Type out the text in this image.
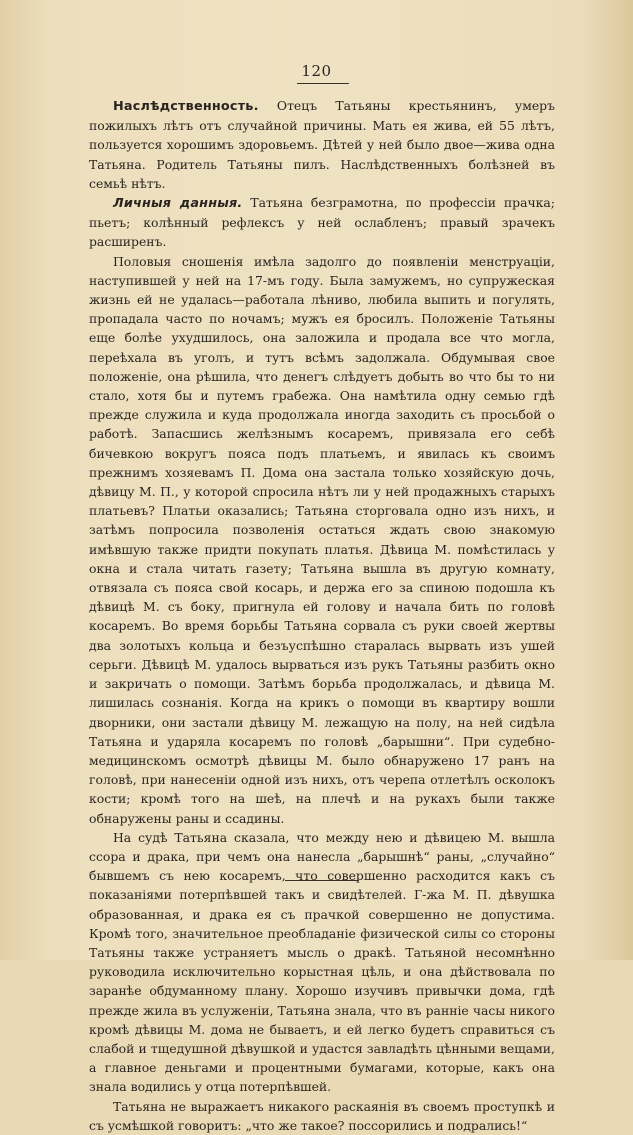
120

Наслѣдственность. Отецъ Татьяны крестьянинъ, умеръ пожилыхъ лѣтъ отъ случайной причины. Мать ея жива, ей 55 лѣтъ, пользуется хорошимъ здоровьемъ. Дѣтей у ней было двое—жива одна Татьяна. Родитель Татьяны пилъ. Наслѣдственныхъ болѣзней въ семьѣ нѣтъ.

Личныя данныя. Татьяна безграмотна, по профессiи прачка; пьетъ; колѣнный рефлексъ у ней ослабленъ; правый зрачекъ расширенъ.

Половыя сношенiя имѣла задолго до появленiи менструацiи, наступившей у ней на 17-мъ году. Была замужемъ, но супружеская жизнь ей не удалась—работала лѣниво, любила выпить и погулять, пропадала часто по ночамъ; мужъ ея бросилъ. Положенiе Татьяны еще болѣе ухудшилось, она заложила и продала все что могла, переѣхала въ уголъ, и тутъ всѣмъ задолжала. Обдумывая свое положенiе, она рѣшила, что денегъ слѣдуетъ добыть во что бы то ни стало, хотя бы и путемъ грабежа. Она намѣтила одну семью гдѣ прежде служила и куда продолжала иногда заходить съ просьбой о работѣ. Запасшись желѣзнымъ косаремъ, привязала его себѣ бичевкою вокругъ пояса подъ платьемъ, и явилась къ своимъ прежнимъ хозяевамъ П. Дома она застала только хозяйскую дочь, дѣвицу М. П., у которой спросила нѣтъ ли у ней продажныхъ старыхъ платьевъ? Платьи оказались; Татьяна сторговала одно изъ нихъ, и затѣмъ попросила позволенiя остаться ждать свою знакомую имѣвшую также придти покупать платья. Дѣвица М. помѣстилась у окна и стала читать газету; Татьяна вышла въ другую комнату, отвязала съ пояса свой косарь, и держа его за спиною подошла къ дѣвицѣ М. съ боку, пригнула ей голову и начала бить по головѣ косаремъ. Во время борьбы Татьяна сорвала съ руки своей жертвы два золотыхъ кольца и безъуспѣшно старалась вырвать изъ ушей серьги. Дѣвицѣ М. удалось вырваться изъ рукъ Татьяны разбить окно и закричать о помощи. Затѣмъ борьба продолжалась, и дѣвица М. лишилась сознанiя. Когда на крикъ о помощи въ квартиру вошли дворники, они застали дѣвицу М. лежащую на полу, на ней сидѣла Татьяна и ударяла косаремъ по головѣ „барышни“. При судебно-медицинскомъ осмотрѣ дѣвицы М. было обнаружено 17 ранъ на головѣ, при нанесенiи одной изъ нихъ, отъ черепа отлетѣлъ осколокъ кости; кромѣ того на шеѣ, на плечѣ и на рукахъ были также обнаружены раны и ссадины.

На судѣ Татьяна сказала, что между нею и дѣвицею М. вышла ссора и драка, при чемъ она нанесла „барышнѣ“ раны, „случайно“ бывшемъ съ нею косаремъ, что совершенно расходится какъ съ показанiями потерпѣвшей такъ и свидѣтелей. Г-жа М. П. дѣвушка образованная, и драка ея съ прачкой совершенно не допустима. Кромѣ того, значительное преобладанiе физической силы со стороны Татьяны также устраняетъ мысль о дракѣ. Татьяной несомнѣнно руководила исключительно корыстная цѣль, и она дѣйствовала по заранѣе обдуманному плану. Хорошо изучивъ привычки дома, гдѣ прежде жила въ услуженiи, Татьяна знала, что въ раннiе часы никого кромѣ дѣвицы М. дома не бываетъ, и ей легко будетъ справиться съ слабой и тщедушной дѣвушкой и удастся завладѣть цѣнными вещами, а главное деньгами и процентными бумагами, которые, какъ она знала водились у отца потерпѣвшей.

Татьяна не выражаетъ никакого раскаянiя въ своемъ проступкѣ и съ усмѣшкой говоритъ: „что же такое? поссорились и подрались!“
